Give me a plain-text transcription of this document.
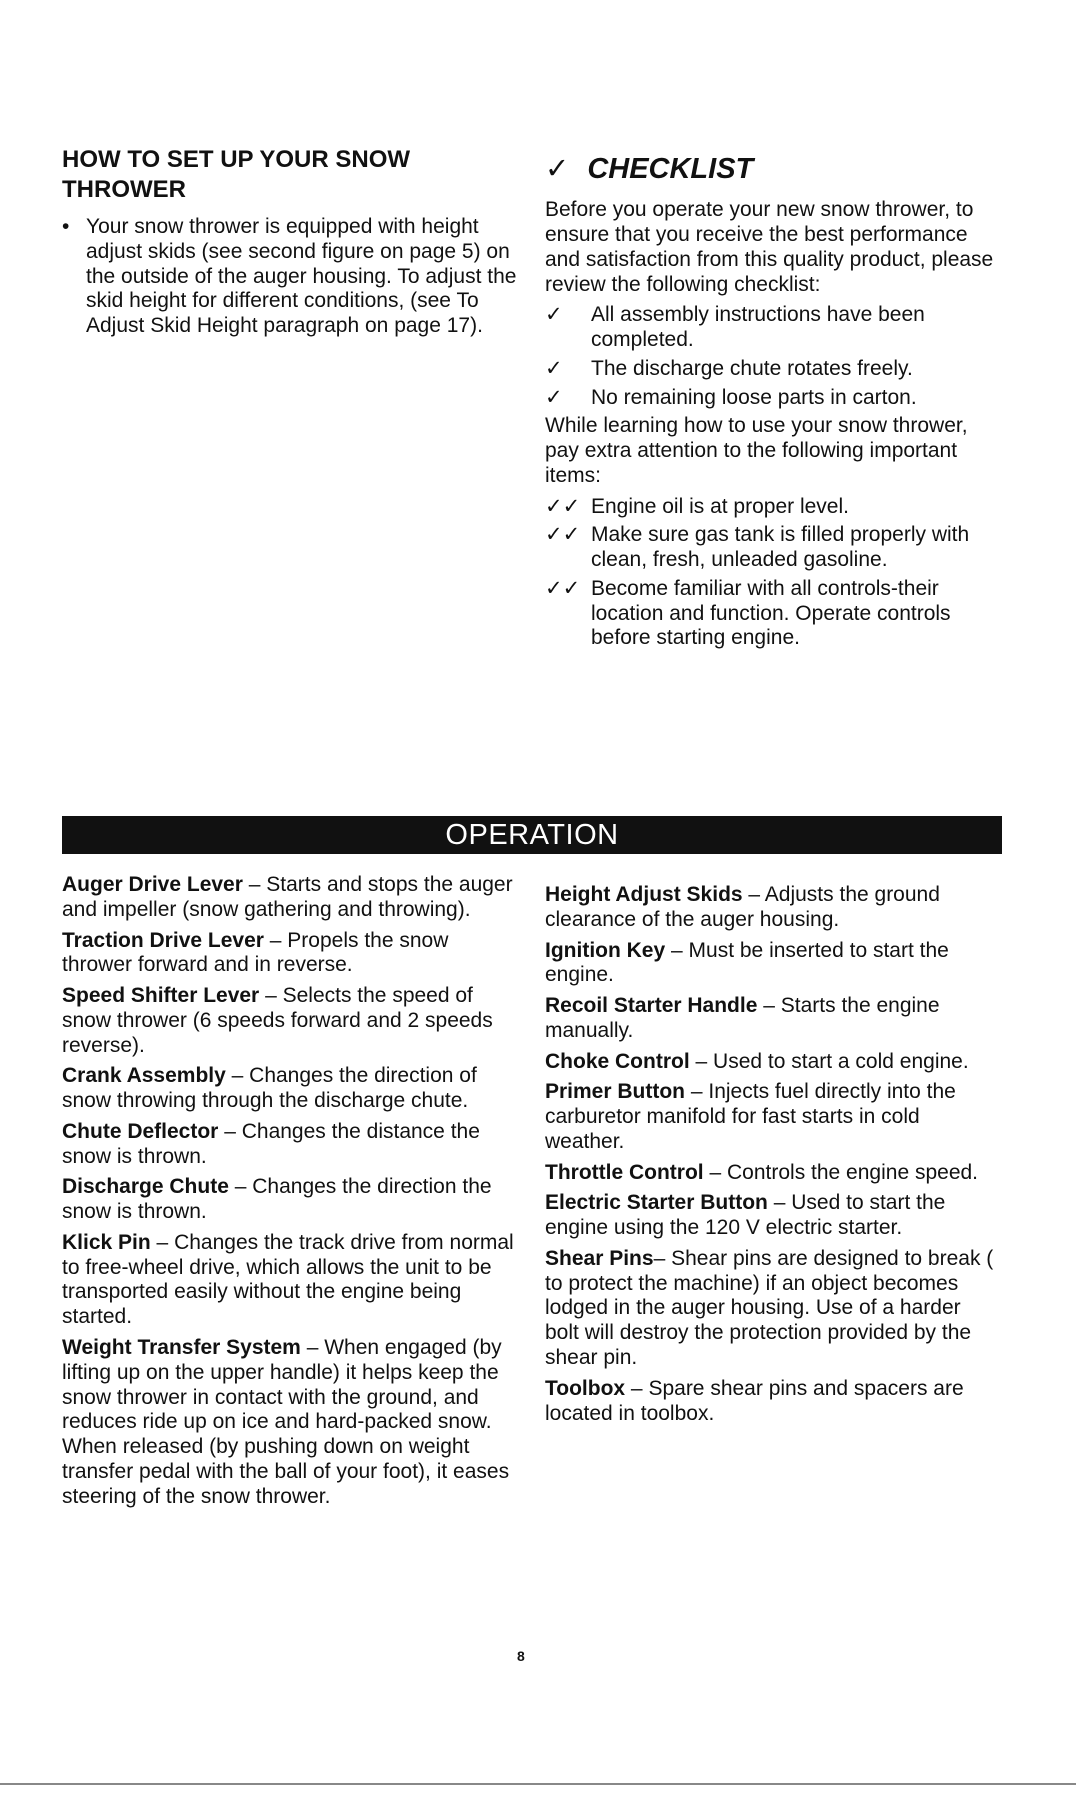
HOW TO SET UP YOUR SNOW THROWER
• Your snow thrower is equipped with height adjust skids (see second figure on page 5) on the outside of the auger housing. To adjust the skid height for different conditions, (see To Adjust Skid Height paragraph on page 17).
✓ CHECKLIST
Before you operate your new snow thrower, to ensure that you receive the best performance and satisfaction from this quality product, please review the following checklist:
✓	All assembly instructions have been completed.
✓	The discharge chute rotates freely.
✓	No remaining loose parts in carton.
While learning how to use your snow thrower, pay extra attention to the following important items:
✓✓ Engine oil is at proper level.
✓✓ Make sure gas tank is filled properly with clean, fresh, unleaded gasoline.
✓✓ Become familiar with all controls-their location and function. Operate controls before starting engine.
OPERATION
Auger Drive Lever – Starts and stops the auger and impeller (snow gathering and throwing).
Traction Drive Lever – Propels the snow thrower forward and in reverse.
Speed Shifter Lever – Selects the speed of snow thrower (6 speeds forward and 2 speeds reverse).
Crank Assembly – Changes the direction of snow throwing through the discharge chute.
Chute Deflector – Changes the distance the snow is thrown.
Discharge Chute – Changes the direction the snow is thrown.
Klick Pin – Changes the track drive from normal to free-wheel drive, which allows the unit to be transported easily without the engine being started.
Weight Transfer System – When engaged (by lifting up on the upper handle) it helps keep the snow thrower in contact with the ground, and reduces ride up on ice and hard-packed snow. When released (by pushing down on weight transfer pedal with the ball of your foot), it eases steering of the snow thrower.
Height Adjust Skids – Adjusts the ground clearance of the auger housing.
Ignition Key – Must be inserted to start the engine.
Recoil Starter Handle – Starts the engine manually.
Choke Control – Used to start a cold engine.
Primer Button – Injects fuel directly into the carburetor manifold for fast starts in cold weather.
Throttle Control – Controls the engine speed.
Electric Starter Button – Used to start the engine using the 120 V electric starter.
Shear Pins– Shear pins are designed to break ( to protect the machine) if an object becomes lodged in the auger housing. Use of a harder bolt will destroy the protection provided by the shear pin.
Toolbox – Spare shear pins and spacers are located in toolbox.
8
